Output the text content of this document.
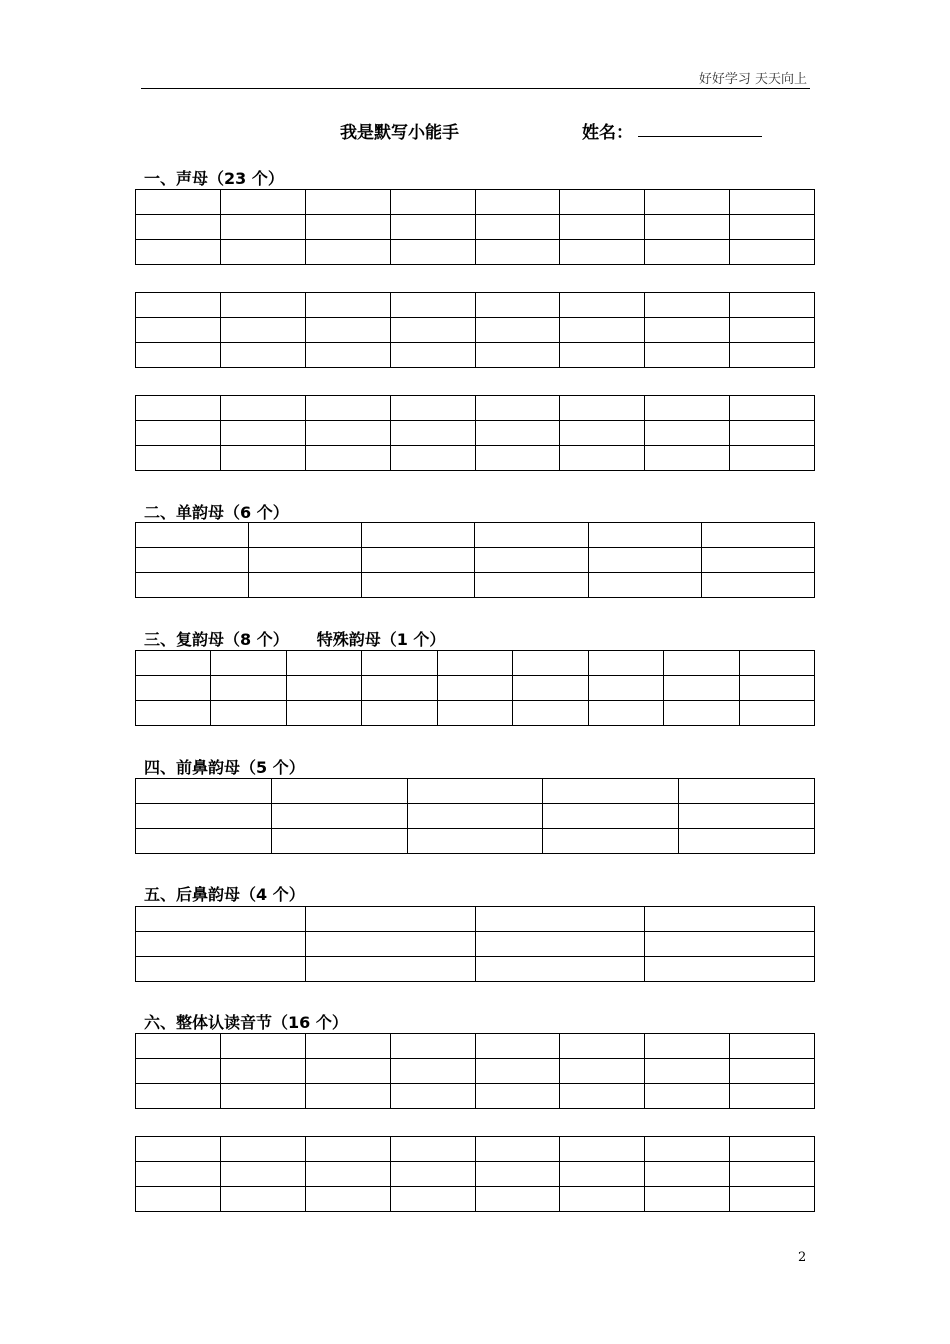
好好学习 天天向上
我是默写小能手	姓名：
一、声母（23 个）

二、单韵母（6 个）

三、复韵母（8 个） 特殊韵母（1 个）

四、前鼻韵母（5 个）

五、后鼻韵母（4 个）

六、整体认读音节（16 个）

2
